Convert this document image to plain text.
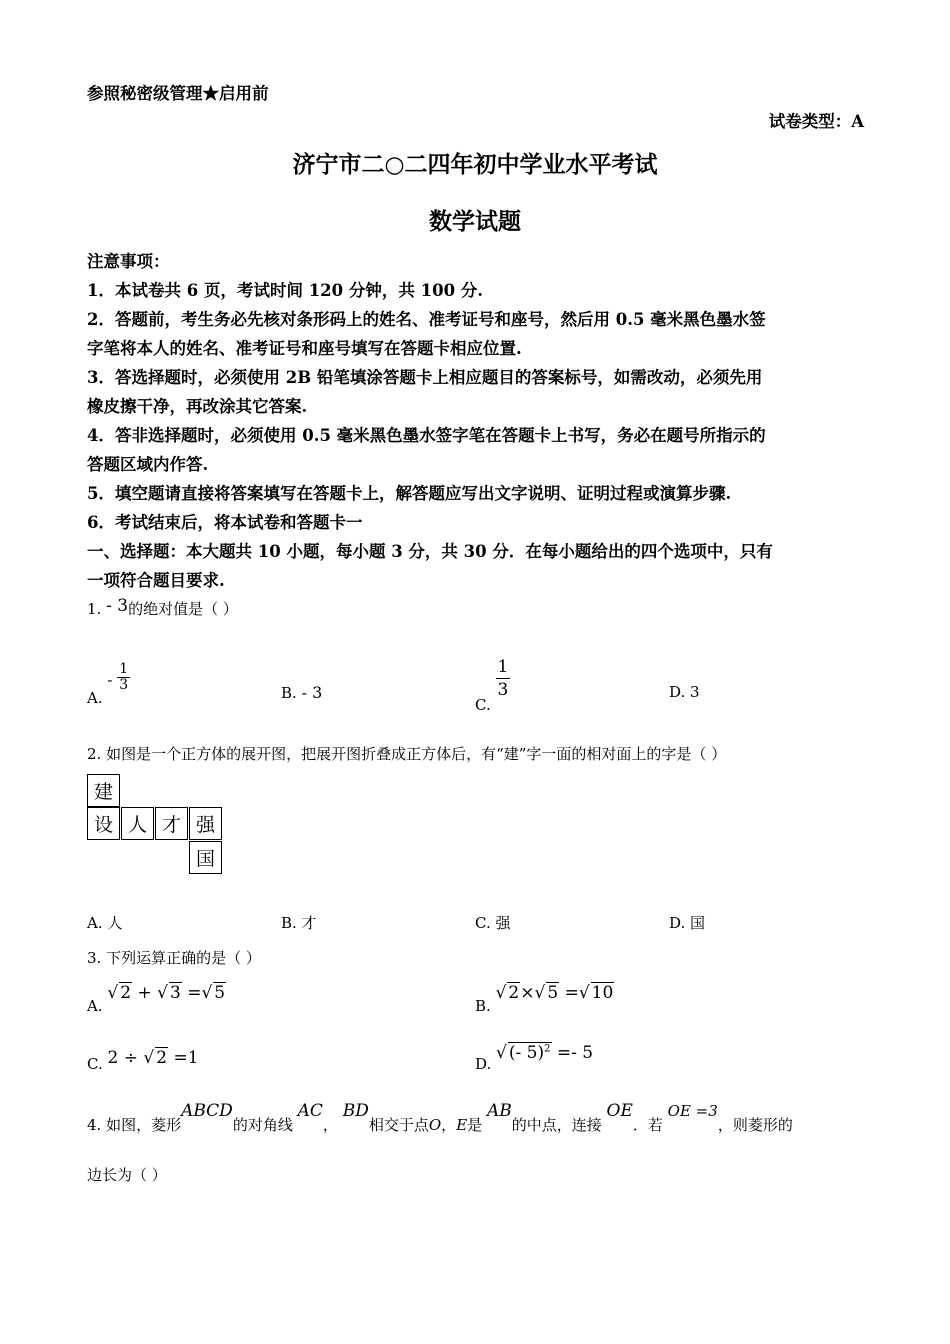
参照秘密级管理★启用前
试卷类型：A
济宁市二○二四年初中学业水平考试
数学试题
注意事项：
1．本试卷共 6 页，考试时间 120 分钟，共 100 分.
2．答题前，考生务必先核对条形码上的姓名、准考证号和座号，然后用 0.5 毫米黑色墨水签
字笔将本人的姓名、准考证号和座号填写在答题卡相应位置.
3．答选择题时，必须使用 2B 铅笔填涂答题卡上相应题目的答案标号，如需改动，必须先用
橡皮擦干净，再改涂其它答案.
4．答非选择题时，必须使用 0.5 毫米黑色墨水签字笔在答题卡上书写，务必在题号所指示的
答题区域内作答.
5．填空题请直接将答案填写在答题卡上，解答题应写出文字说明、证明过程或演算步骤.
6．考试结束后，将本试卷和答题卡一
一、选择题：本大题共 10 小题，每小题 3 分，共 30 分．在每小题给出的四个选项中，只有
一项符合题目要求.
1. - 3的绝对值是（ ）
A. - $\frac{1}{3}$	B. - 3
C.
$\frac{1}{3}$	D. 3
2. 如图是一个正方体的展开图，把展开图折叠成正方体后，有“建”字一面的相对面上的字是（ ）
建
设 人 才 强
国
A. 人	B. 才	C. 强	D. 国
3. 下列运算正确的是（ ）
A. √ 2 + √ 3 =√ 5
B. √ 2×√ 5 =√ 10
C. 2 ÷ √ 2 =1	D. √ (- 5)$^2$ =- 5
4. 如图，菱形ABCD的对角线 AC， BD相交于点O，E是 AB的中点，连接 OE．若 OE =3，则菱形的
边长为（ ）
